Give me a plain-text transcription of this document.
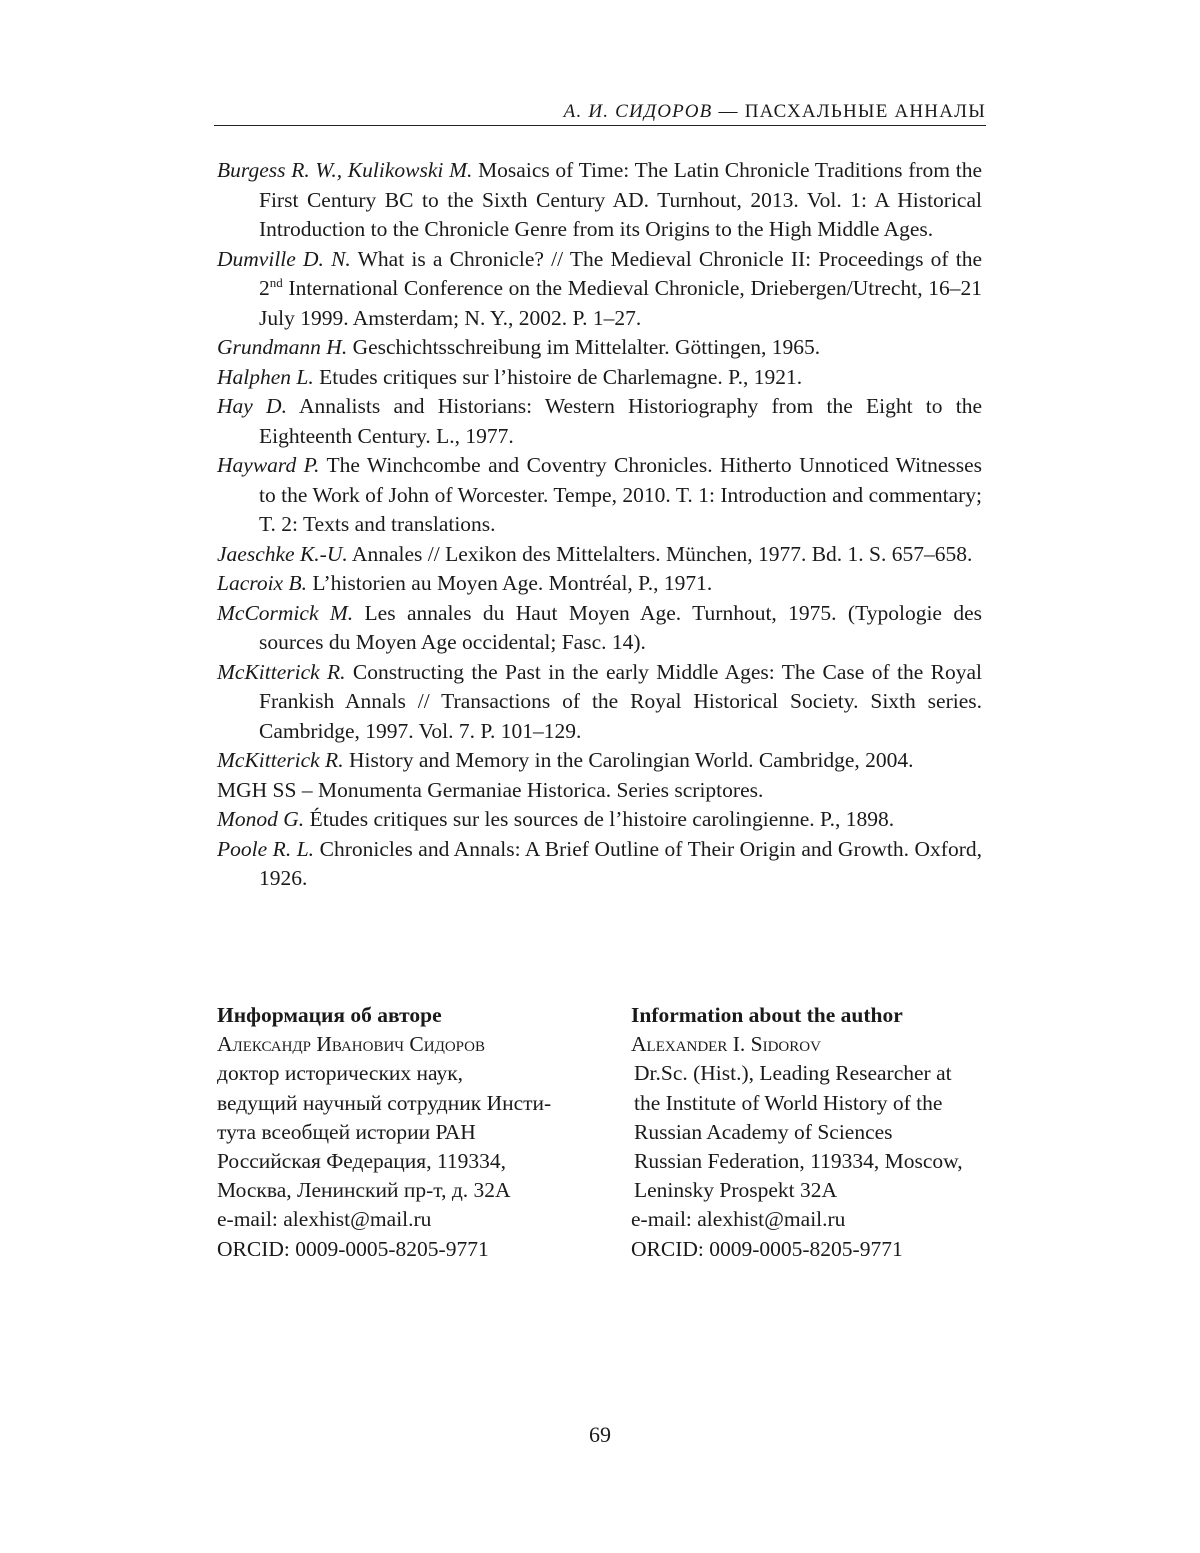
А. И. СИДОРОВ — ПАСХАЛЬНЫЕ АННАЛЫ

Burgess R. W., Kulikowski M. Mosaics of Time: The Latin Chronicle Traditions from the First Century BC to the Sixth Century AD. Turnhout, 2013. Vol. 1: A Historical Introduction to the Chronicle Genre from its Origins to the High Middle Ages.

Dumville D. N. What is a Chronicle? // The Medieval Chronicle II: Proceedings of the 2nd International Conference on the Medieval Chronicle, Driebergen/Utrecht, 16–21 July 1999. Amsterdam; N. Y., 2002. P. 1–27.

Grundmann H. Geschichtsschreibung im Mittelalter. Göttingen, 1965.

Halphen L. Etudes critiques sur l’histoire de Charlemagne. P., 1921.

Hay D. Annalists and Historians: Western Historiography from the Eight to the Eighteenth Century. L., 1977.

Hayward P. The Winchcombe and Coventry Chronicles. Hitherto Unnoticed Witnesses to the Work of John of Worcester. Tempe, 2010. T. 1: Introduction and commentary; T. 2: Texts and translations.

Jaeschke K.-U. Annales // Lexikon des Mittelalters. München, 1977. Bd. 1. S. 657–658.

Lacroix B. L’historien au Moyen Age. Montréal, P., 1971.

McCormick M. Les annales du Haut Moyen Age. Turnhout, 1975. (Typologie des sources du Moyen Age occidental; Fasc. 14).

McKitterick R. Constructing the Past in the early Middle Ages: The Case of the Royal Frankish Annals // Transactions of the Royal Historical Society. Sixth series. Cambridge, 1997. Vol. 7. P. 101–129.

McKitterick R. History and Memory in the Carolingian World. Cambridge, 2004.

MGH SS – Monumenta Germaniae Historica. Series scriptores.

Monod G. Études critiques sur les sources de l’histoire carolingienne. P., 1898.

Poole R. L. Chronicles and Annals: A Brief Outline of Their Origin and Growth. Oxford, 1926.

Информация об авторе
Александр Иванович Сидоров
доктор исторических наук,
ведущий научный сотрудник Инсти-
тута всеобщей истории РАН
Российская Федерация, 119334,
Москва, Ленинский пр-т, д. 32А
e-mail: alexhist@mail.ru
ORCID: 0009-0005-8205-9771
Information about the author
Alexander I. Sidorov
Dr.Sc. (Hist.), Leading Researcher at
the Institute of World History of the
Russian Academy of Sciences
Russian Federation, 119334, Moscow,
Leninsky Prospekt 32A
e-mail: alexhist@mail.ru
ORCID: 0009-0005-8205-9771
69
